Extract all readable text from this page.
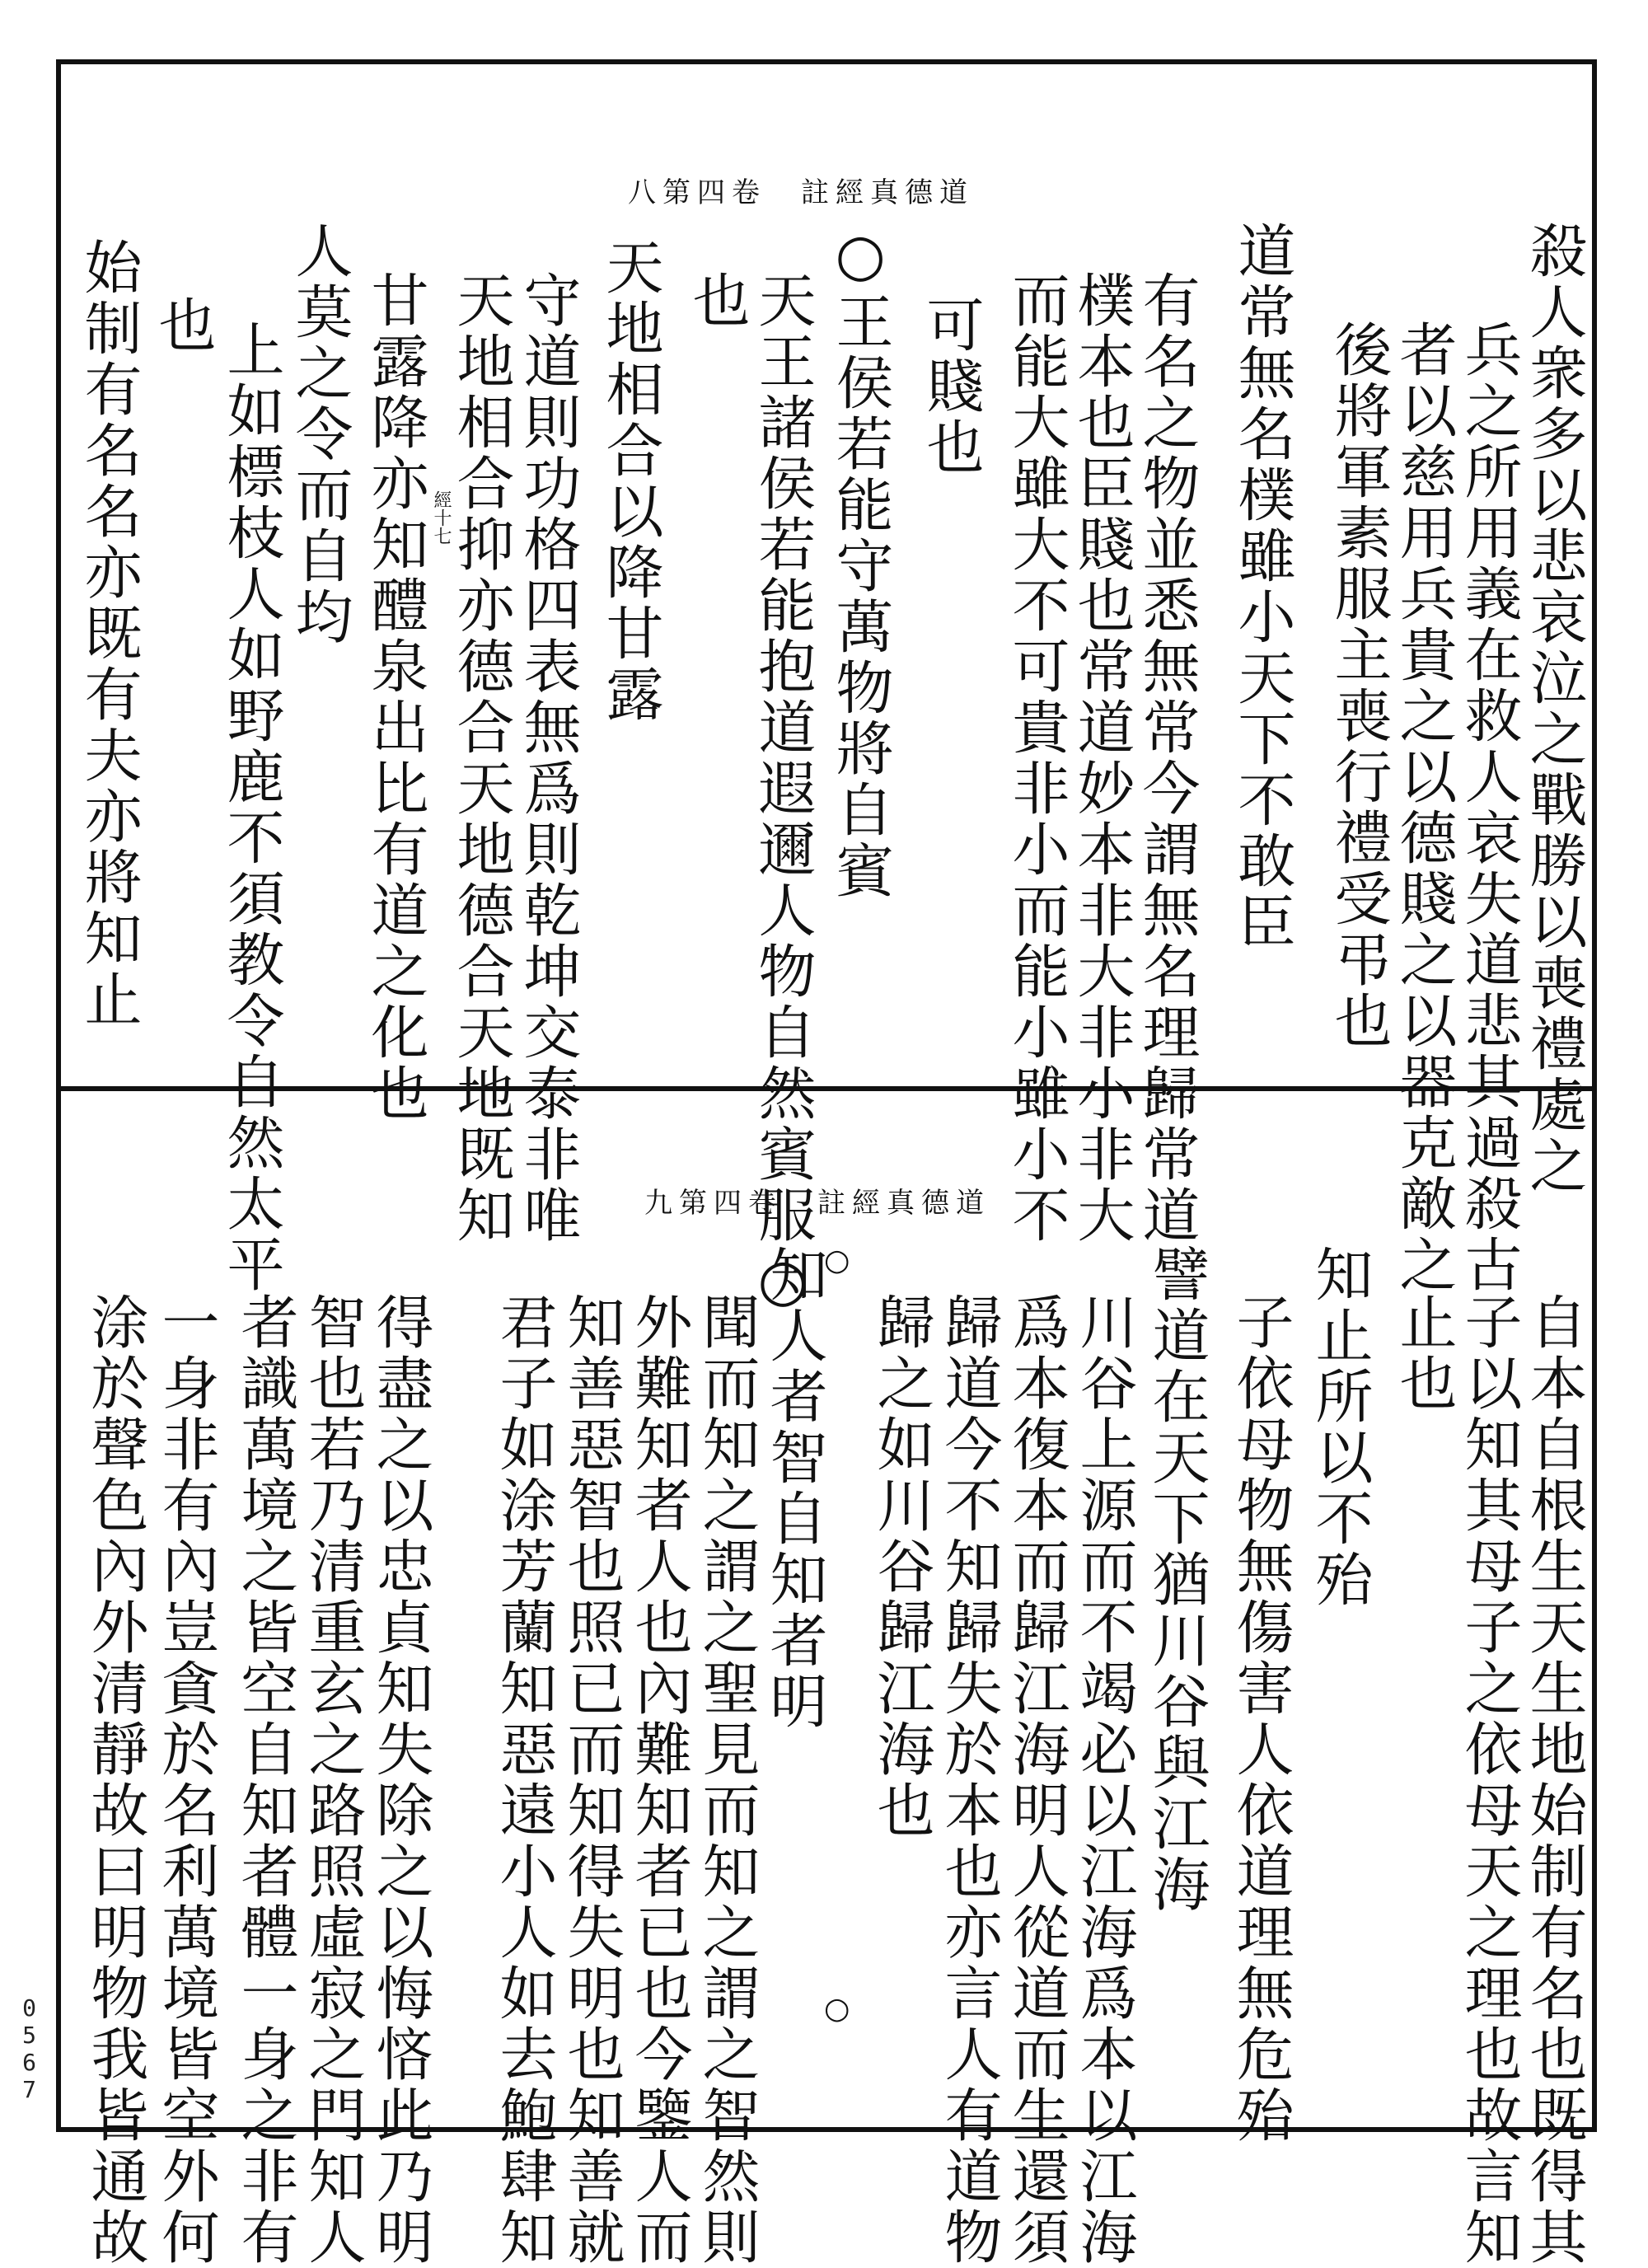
0567
八第四卷　註經真德道
殺人衆多以悲哀泣之戰勝以喪禮處之
兵之所用義在救人哀失道悲其過殺古
者以慈用兵貴之以德賤之以器克敵之
後將軍素服主喪行禮受弔也
道常無名樸雖小天下不敢臣
有名之物並悉無常今謂無名理歸常道
樸本也臣賤也常道妙本非大非小非大
而能大雖大不可貴非小而能小雖小不
可賤也
○王侯若能守萬物將自賓
天王諸侯若能抱道遐邇人物自然賓服○
也
天地相合以降甘露
守道則功格四表無爲則乾坤交泰非唯
天地相合抑亦德合天地德合天地既知
甘露降亦知醴泉出比有道之化也
人莫之令而自均
上如標枝人如野鹿不須教令自然太平
也
始制有名名亦既有夫亦將知止	經十七
九第四卷　註經真德道
自本自根生天生地始制有名也既得其
子以知其母子之依母天之理也故言知
止也
知止所以不殆
子依母物無傷害人依道理無危殆
譬道在天下猶川谷與江海
川谷上源而不竭必以江海爲本以江海
爲本復本而歸江海明人從道而生還須
歸道今不知歸失於本也亦言人有道物
歸之如川谷歸江海也
知人者智自知者明
聞而知之謂之聖見而知之謂之智然則
外難知者人也內難知者已也今鑒人而
知善惡智也照已而知得失明也知善就
君子如涂芳蘭知惡遠小人如去鮑肆知
得盡之以忠貞知失除之以悔悋此乃明
智也若乃清重玄之路照虛寂之門知人
者識萬境之皆空自知者體一身之非有
一身非有內豈貪於名利萬境皆空外何
涂於聲色內外清靜故曰明物我皆通故
○
○
